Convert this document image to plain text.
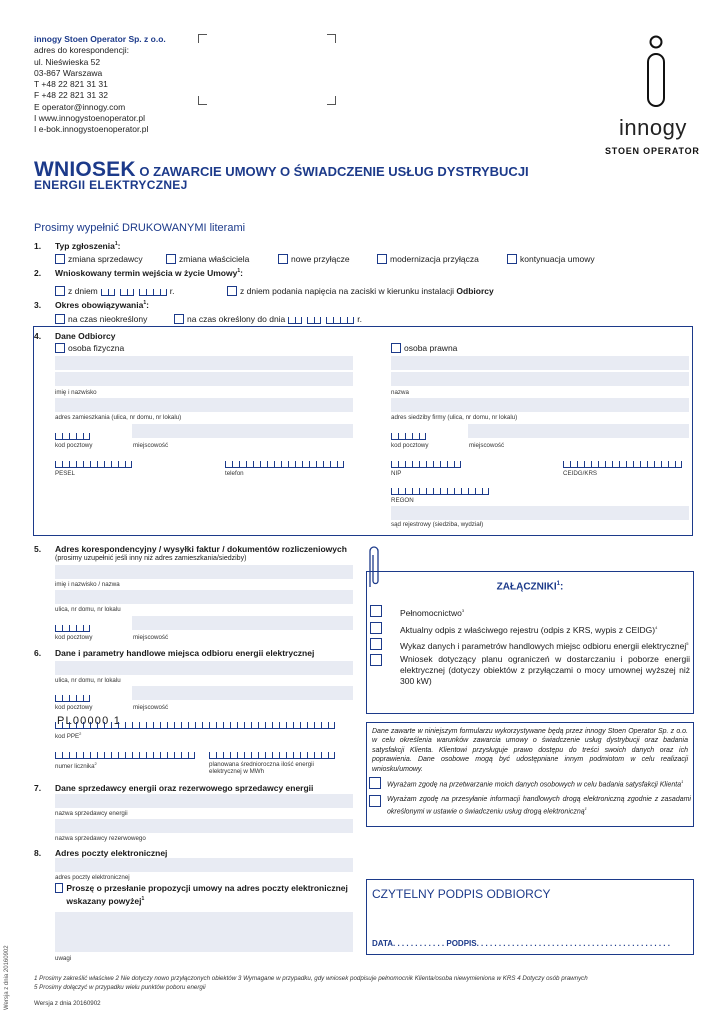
innogy Stoen Operator Sp. z o.o.
adres do korespondencji:
ul. Nieświeska 52
03-867 Warszawa
T +48 22 821 31 31
F +48 22 821 31 32
E operator@innogy.com
I www.innogystoenoperator.pl
I e-bok.innogystoenoperator.pl	innogy
STOEN OPERATOR
WNIOSEK O ZAWARCIE UMOWY O ŚWIADCZENIE USŁUG DYSTRYBUCJI
ENERGII ELEKTRYCZNEJ
Prosimy wypełnić DRUKOWANYMI literami
1. Typ zgłoszenia$^1$:
zmiana sprzedawcy	zmiana właściciela	nowe przyłącze	modernizacja przyłącza	kontynuacja umowy
2. Wnioskowany termin wejścia w życie Umowy$^1$:
z dniem	r.	z dniem podania napięcia na zaciski w kierunku instalacji Odbiorcy
3. Okres obowiązywania$^1$:
na czas nieokreślony	na czas określony do dnia	r.
4. Dane Odbiorcy
osoba fizyczna	osoba prawna
imię i nazwisko
adres zamieszkania (ulica, nr domu, nr lokalu)
kod pocztowy	miejscowość
PESEL	telefon
nazwa
adres siedziby firmy (ulica, nr domu, nr lokalu)
kod pocztowy	miejscowość
NIP	CEIDG/KRS
REGON
sąd rejestrowy (siedziba, wydział)
5. Adres korespondencyjny / wysyłki faktur / dokumentów rozliczeniowych
(prosimy uzupełnić jeśli inny niż adres zamieszkania/siedziby)
imię i nazwisko / nazwa
ulica, nr domu, nr lokalu
kod pocztowy	miejscowość
6. Dane i parametry handlowe miejsca odbioru energii elektrycznej
ulica, nr domu, nr lokalu
kod pocztowy	miejscowość
PL00000 1
kod PPE$^2$
numer licznika$^2$	planowana średnioroczna ilość energii elektrycznej w MWh
7. Dane sprzedawcy energii oraz rezerwowego sprzedawcy energii
nazwa sprzedawcy energii
nazwa sprzedawcy rezerwowego
8. Adres poczty elektronicznej
adres poczty elektronicznej
Proszę o przesłanie propozycji umowy na adres poczty elektronicznej wskazany powyżej$^1$
uwagi
ZAŁĄCZNIKI$^1$:
Pełnomocnictwo$^3$
Aktualny odpis z właściwego rejestru (odpis z KRS, wypis z CEIDG)$^4$
Wykaz danych i parametrów handlowych miejsc odbioru energii elektrycznej$^5$
Wniosek dotyczący planu ograniczeń w dostarczaniu i poborze energii elektrycznej (dotyczy obiektów z przyłączami o mocy umownej wyższej niż 300 kW)
Dane zawarte w niniejszym formularzu wykorzystywane będą przez innogy Stoen Operator Sp. z o.o. w celu określenia warunków zawarcia umowy o świadczenie usług dystrybucji oraz badania satysfakcji Klienta. Klientowi przysługuje prawo dostępu do treści swoich danych oraz ich poprawienia. Dane osobowe mogą być udostępniane innym podmiotom w celu realizacji wniosku/umowy.
Wyrażam zgodę na przetwarzanie moich danych osobowych w celu badania satysfakcji Klienta$^1$
Wyrażam zgodę na przesyłanie informacji handlowych drogą elektroniczną zgodnie z zasadami określonymi w ustawie o świadczeniu usług drogą elektroniczną$^1$
CZYTELNY PODPIS ODBIORCY
DATA. . . . . . . . . . . . PODPIS. . . . . . . . . . . . . . . . . . . . . . . . . . . . . . . . . . . . . . . . . . . .
1 Prosimy zakreślić właściwe 2 Nie dotyczy nowo przyłączonych obiektów 3 Wymagane w przypadku, gdy wniosek podpisuje pełnomocnik Klienta/osoba niewymieniona w KRS 4 Dotyczy osób prawnych
5 Prosimy dołączyć w przypadku wielu punktów poboru energii
Wersja z dnia 20160902
Wersja z dnia 20160902
